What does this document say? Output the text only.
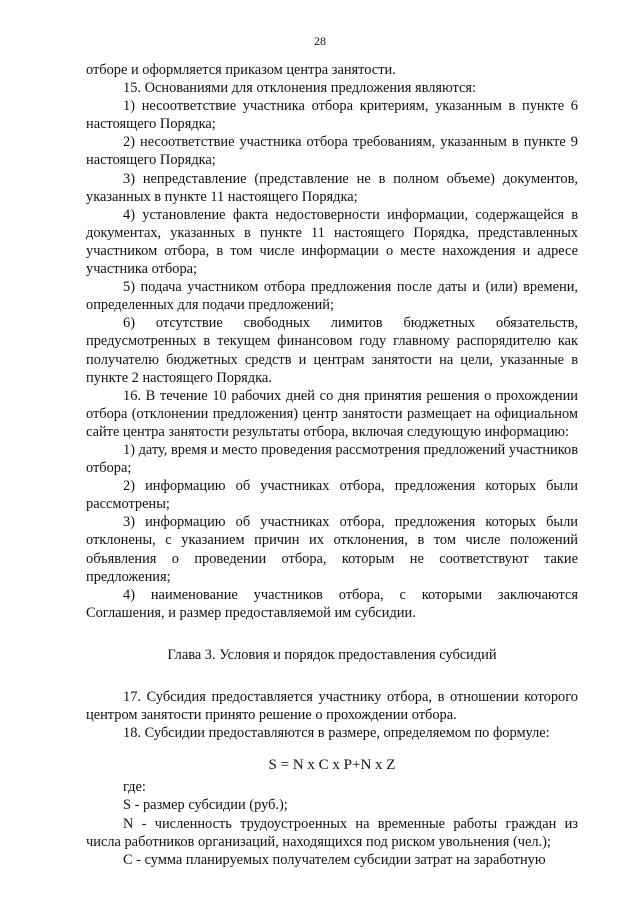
28

отборе и оформляется приказом центра занятости.

15. Основаниями для отклонения предложения являются:

1) несоответствие участника отбора критериям, указанным в пункте 6 настоящего Порядка;

2) несоответствие участника отбора требованиям, указанным в пункте 9 настоящего Порядка;

3) непредставление (представление не в полном объеме) документов, указанных в пункте 11 настоящего Порядка;

4) установление факта недостоверности информации, содержащейся в документах, указанных в пункте 11 настоящего Порядка, представленных участником отбора, в том числе информации о месте нахождения и адресе участника отбора;

5) подача участником отбора предложения после даты и (или) времени, определенных для подачи предложений;

6) отсутствие свободных лимитов бюджетных обязательств, предусмотренных в текущем финансовом году главному распорядителю как получателю бюджетных средств и центрам занятости на цели, указанные в пункте 2 настоящего Порядка.

16. В течение 10 рабочих дней со дня принятия решения о прохождении отбора (отклонении предложения) центр занятости размещает на официальном сайте центра занятости результаты отбора, включая следующую информацию:

1) дату, время и место проведения рассмотрения предложений участников отбора;

2) информацию об участниках отбора, предложения которых были рассмотрены;

3) информацию об участниках отбора, предложения которых были отклонены, с указанием причин их отклонения, в том числе положений объявления о проведении отбора, которым не соответствуют такие предложения;

4) наименование участников отбора, с которыми заключаются Соглашения, и размер предоставляемой им субсидии.

Глава 3. Условия и порядок предоставления субсидий

17. Субсидия предоставляется участнику отбора, в отношении которого центром занятости принято решение о прохождении отбора.

18. Субсидии предоставляются в размере, определяемом по формуле:

S = N x C x P+N x Z

где:

S - размер субсидии (руб.);

N - численность трудоустроенных на временные работы граждан из числа работников организаций, находящихся под риском увольнения (чел.);

C - сумма планируемых получателем субсидии затрат на заработную
